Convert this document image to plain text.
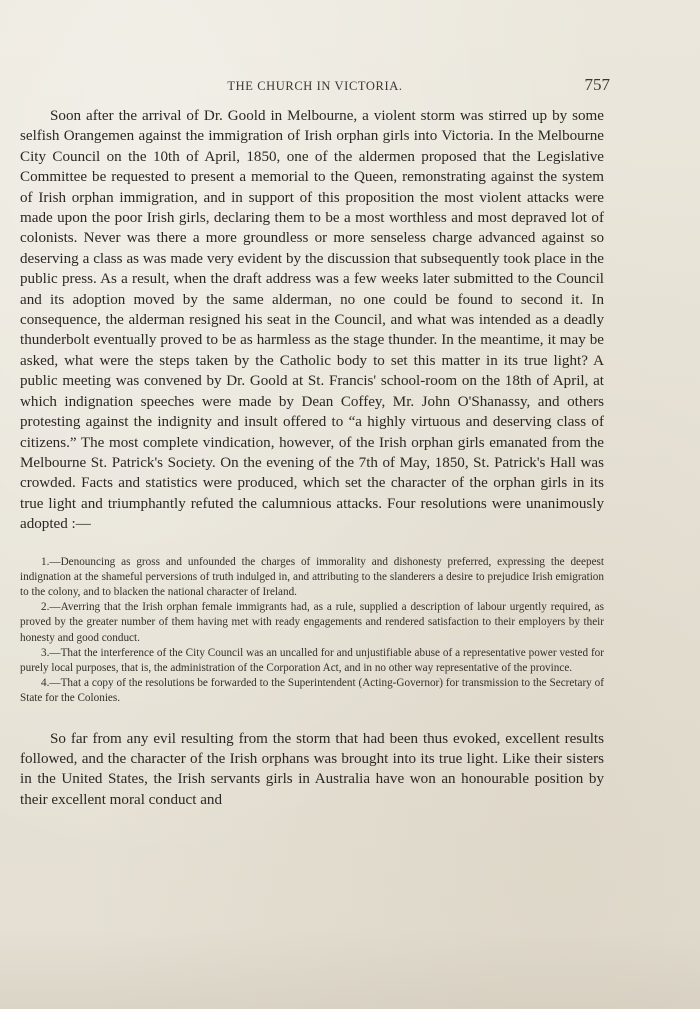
THE CHURCH IN VICTORIA.	757

Soon after the arrival of Dr. Goold in Melbourne, a violent storm was stirred up by some selfish Orangemen against the immigration of Irish orphan girls into Victoria. In the Melbourne City Council on the 10th of April, 1850, one of the aldermen proposed that the Legislative Committee be requested to present a memorial to the Queen, remonstrating against the system of Irish orphan immigration, and in support of this proposition the most violent attacks were made upon the poor Irish girls, declaring them to be a most worthless and most depraved lot of colonists. Never was there a more groundless or more senseless charge advanced against so deserving a class as was made very evident by the discussion that subsequently took place in the public press. As a result, when the draft address was a few weeks later submitted to the Council and its adoption moved by the same alderman, no one could be found to second it. In consequence, the alderman resigned his seat in the Council, and what was intended as a deadly thunderbolt eventually proved to be as harmless as the stage thunder. In the meantime, it may be asked, what were the steps taken by the Catholic body to set this matter in its true light? A public meeting was convened by Dr. Goold at St. Francis' school-room on the 18th of April, at which indignation speeches were made by Dean Coffey, Mr. John O'Shanassy, and others protesting against the indignity and insult offered to “a highly virtuous and deserving class of citizens.” The most complete vindication, however, of the Irish orphan girls emanated from the Melbourne St. Patrick's Society. On the evening of the 7th of May, 1850, St. Patrick's Hall was crowded. Facts and statistics were produced, which set the character of the orphan girls in its true light and triumphantly refuted the calumnious attacks. Four resolutions were unanimously adopted :—

1.—Denouncing as gross and unfounded the charges of immorality and dishonesty preferred, expressing the deepest indignation at the shameful perversions of truth indulged in, and attributing to the slanderers a desire to prejudice Irish emigration to the colony, and to blacken the national character of Ireland.

2.—Averring that the Irish orphan female immigrants had, as a rule, supplied a description of labour urgently required, as proved by the greater number of them having met with ready engagements and rendered satisfaction to their employers by their honesty and good conduct.

3.—That the interference of the City Council was an uncalled for and unjustifiable abuse of a representative power vested for purely local purposes, that is, the administration of the Corporation Act, and in no other way representative of the province.

4.—That a copy of the resolutions be forwarded to the Superintendent (Acting-Governor) for transmission to the Secretary of State for the Colonies.

So far from any evil resulting from the storm that had been thus evoked, excellent results followed, and the character of the Irish orphans was brought into its true light. Like their sisters in the United States, the Irish servants girls in Australia have won an honourable position by their excellent moral conduct and
